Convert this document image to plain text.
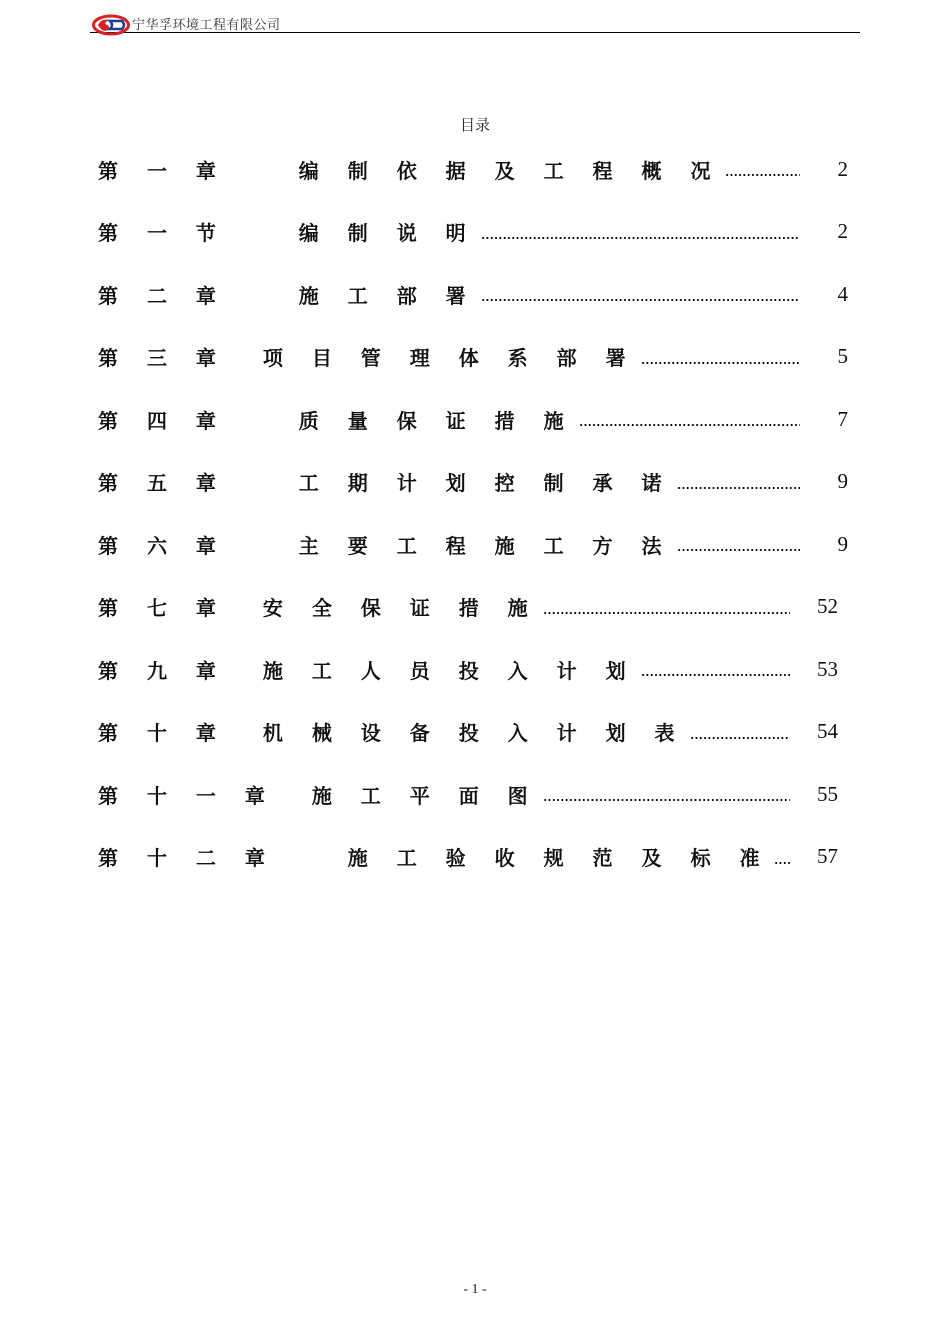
宁华孚环境工程有限公司
目录
第 一 章    编 制 依 据 及 工 程 概 况	2
第 一 节    编 制 说 明	2
第 二 章    施 工 部 署	4
第 三 章  项 目 管 理 体 系 部 署	5
第 四 章    质 量 保 证 措 施	7
第 五 章    工 期 计 划 控 制 承 诺	9
第 六 章    主 要 工 程 施 工 方 法	9
第 七 章  安 全 保 证 措 施	52
第 九 章  施 工 人 员 投 入 计 划	53
第 十 章  机 械 设 备 投 入 计 划 表	54
第 十 一 章  施 工 平 面 图	55
第 十 二 章    施 工 验 收 规 范 及 标 准	57
- 1 -
